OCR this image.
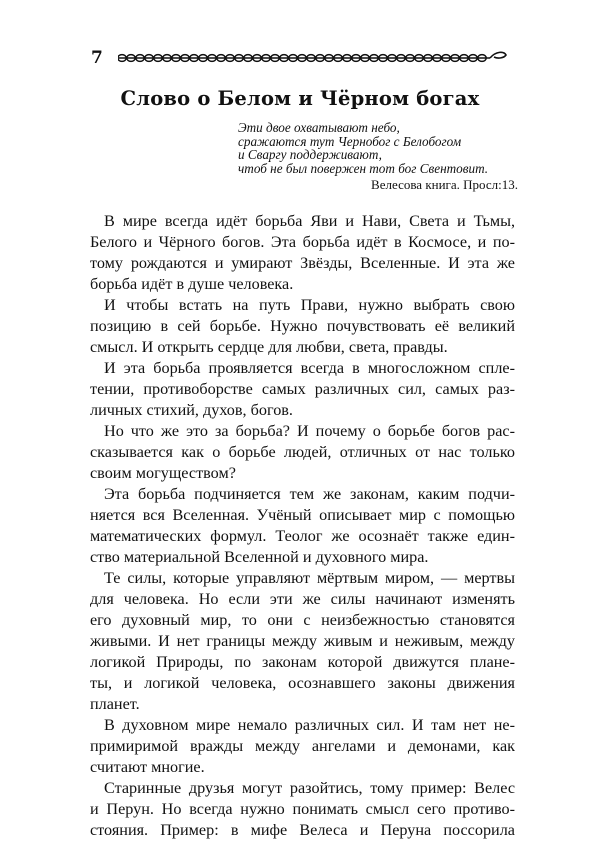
7
Слово о Белом и Чёрном богах
Эти двое охватывают небо,
сражаются тут Чернобог с Белобогом
и Сваргу поддерживают,
чтоб не был повержен тот бог Свентовит.
Велесова книга. Просл:13.
В мире всегда идёт борьба Яви и Нави, Света и Тьмы,
Белого и Чёрного богов. Эта борьба идёт в Космосе, и по-
тому рождаются и умирают Звёзды, Вселенные. И эта же
борьба идёт в душе человека.
И чтобы встать на путь Прави, нужно выбрать свою
позицию в сей борьбе. Нужно почувствовать её великий
смысл. И открыть сердце для любви, света, правды.
И эта борьба проявляется всегда в многосложном спле-
тении, противоборстве самых различных сил, самых раз-
личных стихий, духов, богов.
Но что же это за борьба? И почему о борьбе богов рас-
сказывается как о борьбе людей, отличных от нас только
своим могуществом?
Эта борьба подчиняется тем же законам, каким подчи-
няется вся Вселенная. Учёный описывает мир с помощью
математических формул. Теолог же осознаёт также един-
ство материальной Вселенной и духовного мира.
Те силы, которые управляют мёртвым миром, — мертвы
для человека. Но если эти же силы начинают изменять
его духовный мир, то они с неизбежностью становятся
живыми. И нет границы между живым и неживым, между
логикой Природы, по законам которой движутся плане-
ты, и логикой человека, осознавшего законы движения
планет.
В духовном мире немало различных сил. И там нет не-
примиримой вражды между ангелами и демонами, как
считают многие.
Старинные друзья могут разойтись, тому пример: Велес
и Перун. Но всегда нужно понимать смысл сего противо-
стояния. Пример: в мифе Велеса и Перуна поссорила
